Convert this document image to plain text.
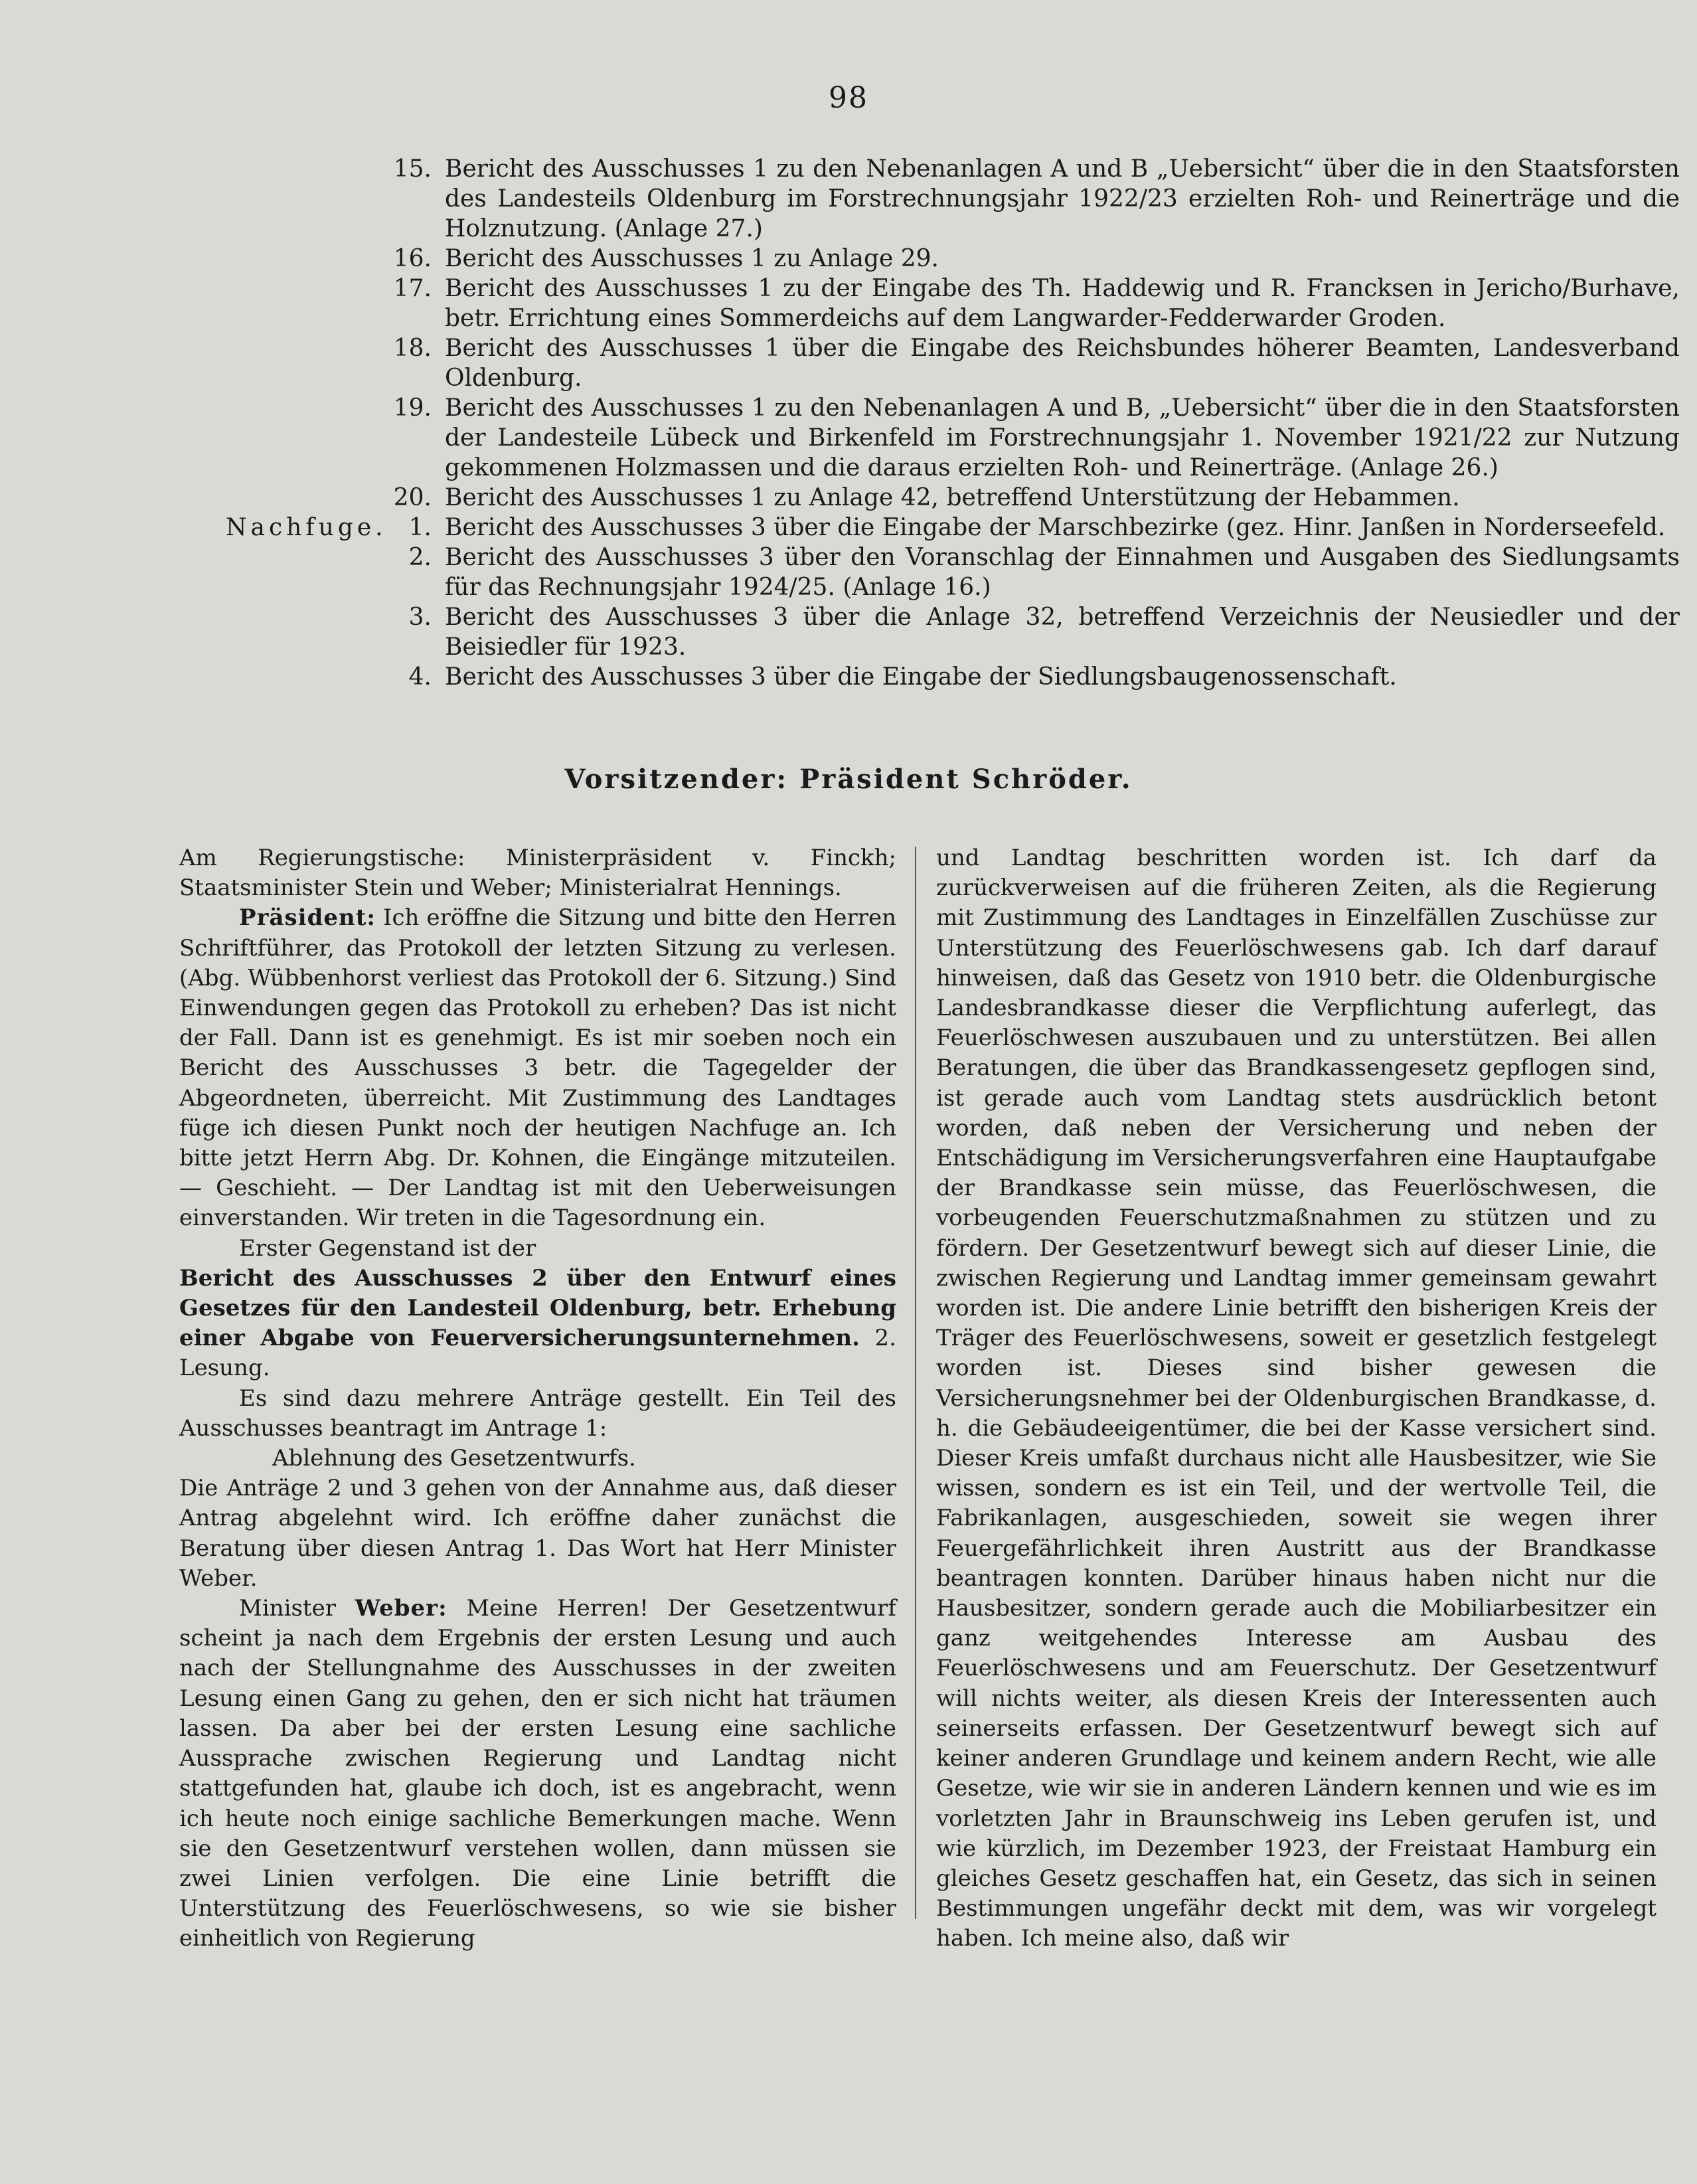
98
15. Bericht des Ausschusses 1 zu den Nebenanlagen A und B „Uebersicht“ über die in den Staatsforsten des Landesteils Oldenburg im Forstrechnungsjahr 1922/23 erzielten Roh- und Reinerträge und die Holznutzung. (Anlage 27.)
16. Bericht des Ausschusses 1 zu Anlage 29.
17. Bericht des Ausschusses 1 zu der Eingabe des Th. Haddewig und R. Francksen in Jericho/Burhave, betr. Errichtung eines Sommerdeichs auf dem Langwarder-Fedderwarder Groden.
18. Bericht des Ausschusses 1 über die Eingabe des Reichsbundes höherer Beamten, Landesverband Oldenburg.
19. Bericht des Ausschusses 1 zu den Nebenanlagen A und B, „Uebersicht“ über die in den Staatsforsten der Landesteile Lübeck und Birkenfeld im Forstrechnungsjahr 1. November 1921/22 zur Nutzung gekommenen Holzmassen und die daraus erzielten Roh- und Reinerträge. (Anlage 26.)
20. Bericht des Ausschusses 1 zu Anlage 42, betreffend Unterstützung der Hebammen.
Nachfuge. 1. Bericht des Ausschusses 3 über die Eingabe der Marschbezirke (gez. Hinr. Janßen in Norderseefeld.
2. Bericht des Ausschusses 3 über den Voranschlag der Einnahmen und Ausgaben des Siedlungsamts für das Rechnungsjahr 1924/25. (Anlage 16.)
3. Bericht des Ausschusses 3 über die Anlage 32, betreffend Verzeichnis der Neusiedler und der Beisiedler für 1923.
4. Bericht des Ausschusses 3 über die Eingabe der Siedlungsbaugenossenschaft.
Vorsitzender: Präsident Schröder.

Am Regierungstische: Ministerpräsident v. Finckh; Staatsminister Stein und Weber; Ministerialrat Hennings.

Präsident: Ich eröffne die Sitzung und bitte den Herren Schriftführer, das Protokoll der letzten Sitzung zu verlesen. (Abg. Wübbenhorst verliest das Protokoll der 6. Sitzung.) Sind Einwendungen gegen das Protokoll zu erheben? Das ist nicht der Fall. Dann ist es genehmigt. Es ist mir soeben noch ein Bericht des Ausschusses 3 betr. die Tagegelder der Abgeordneten, überreicht. Mit Zustimmung des Landtages füge ich diesen Punkt noch der heutigen Nachfuge an. Ich bitte jetzt Herrn Abg. Dr. Kohnen, die Eingänge mitzuteilen. — Geschieht. — Der Landtag ist mit den Ueberweisungen einverstanden. Wir treten in die Tagesordnung ein.

Erster Gegenstand ist der

Bericht des Ausschusses 2 über den Entwurf eines Gesetzes für den Landesteil Oldenburg, betr. Erhebung einer Abgabe von Feuerversicherungsunternehmen. 2. Lesung.

Es sind dazu mehrere Anträge gestellt. Ein Teil des Ausschusses beantragt im Antrage 1:

Ablehnung des Gesetzentwurfs.

Die Anträge 2 und 3 gehen von der Annahme aus, daß dieser Antrag abgelehnt wird. Ich eröffne daher zunächst die Beratung über diesen Antrag 1. Das Wort hat Herr Minister Weber.

Minister Weber: Meine Herren! Der Gesetzentwurf scheint ja nach dem Ergebnis der ersten Lesung und auch nach der Stellungnahme des Ausschusses in der zweiten Lesung einen Gang zu gehen, den er sich nicht hat träumen lassen. Da aber bei der ersten Lesung eine sachliche Aussprache zwischen Regierung und Landtag nicht stattgefunden hat, glaube ich doch, ist es angebracht, wenn ich heute noch einige sachliche Bemerkungen mache. Wenn sie den Gesetzentwurf verstehen wollen, dann müssen sie zwei Linien verfolgen. Die eine Linie betrifft die Unterstützung des Feuerlöschwesens, so wie sie bisher einheitlich von Regierung

und Landtag beschritten worden ist. Ich darf da zurückverweisen auf die früheren Zeiten, als die Regierung mit Zustimmung des Landtages in Einzelfällen Zuschüsse zur Unterstützung des Feuerlöschwesens gab. Ich darf darauf hinweisen, daß das Gesetz von 1910 betr. die Oldenburgische Landesbrandkasse dieser die Verpflichtung auferlegt, das Feuerlöschwesen auszubauen und zu unterstützen. Bei allen Beratungen, die über das Brandkassengesetz gepflogen sind, ist gerade auch vom Landtag stets ausdrücklich betont worden, daß neben der Versicherung und neben der Entschädigung im Versicherungsverfahren eine Hauptaufgabe der Brandkasse sein müsse, das Feuerlöschwesen, die vorbeugenden Feuerschutzmaßnahmen zu stützen und zu fördern. Der Gesetzentwurf bewegt sich auf dieser Linie, die zwischen Regierung und Landtag immer gemeinsam gewahrt worden ist. Die andere Linie betrifft den bisherigen Kreis der Träger des Feuerlöschwesens, soweit er gesetzlich festgelegt worden ist. Dieses sind bisher gewesen die Versicherungsnehmer bei der Oldenburgischen Brandkasse, d. h. die Gebäudeeigentümer, die bei der Kasse versichert sind. Dieser Kreis umfaßt durchaus nicht alle Hausbesitzer, wie Sie wissen, sondern es ist ein Teil, und der wertvolle Teil, die Fabrikanlagen, ausgeschieden, soweit sie wegen ihrer Feuergefährlichkeit ihren Austritt aus der Brandkasse beantragen konnten. Darüber hinaus haben nicht nur die Hausbesitzer, sondern gerade auch die Mobiliarbesitzer ein ganz weitgehendes Interesse am Ausbau des Feuerlöschwesens und am Feuerschutz. Der Gesetzentwurf will nichts weiter, als diesen Kreis der Interessenten auch seinerseits erfassen. Der Gesetzentwurf bewegt sich auf keiner anderen Grundlage und keinem andern Recht, wie alle Gesetze, wie wir sie in anderen Ländern kennen und wie es im vorletzten Jahr in Braunschweig ins Leben gerufen ist, und wie kürzlich, im Dezember 1923, der Freistaat Hamburg ein gleiches Gesetz geschaffen hat, ein Gesetz, das sich in seinen Bestimmungen ungefähr deckt mit dem, was wir vorgelegt haben. Ich meine also, daß wir
